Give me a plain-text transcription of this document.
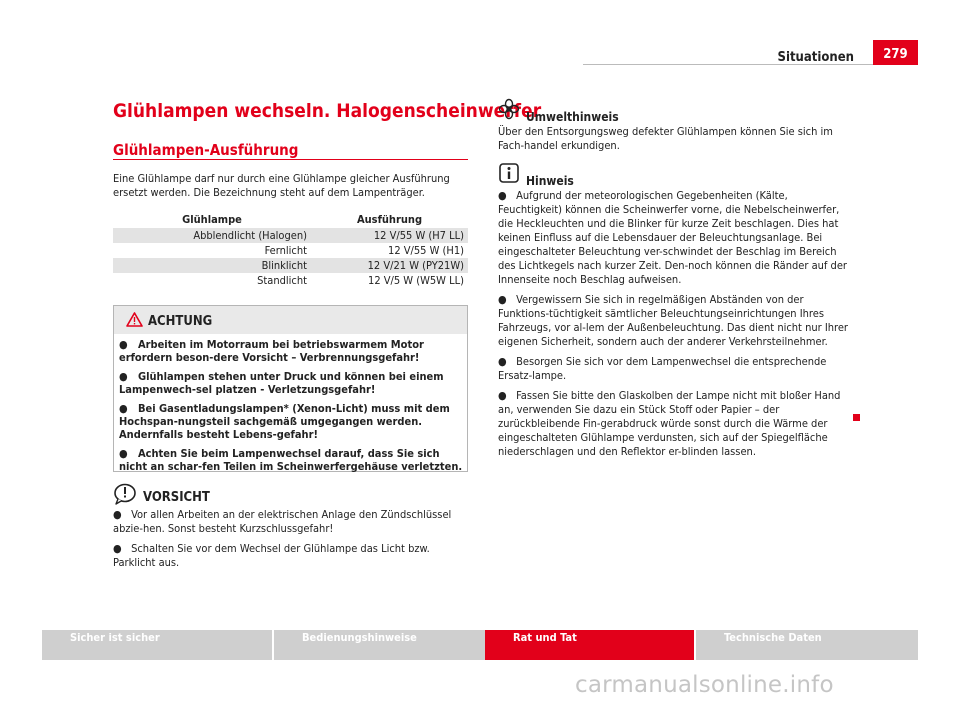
Situationen	279
Glühlampen wechseln. Halogenscheinwerfer
Glühlampen-Ausführung
Eine Glühlampe darf nur durch eine Glühlampe gleicher Ausführung ersetzt werden. Die Bezeichnung steht auf dem Lampenträger.
Glühlampe	Ausführung
Abblendlicht (Halogen)	12 V/55 W (H7 LL)
Fernlicht	12 V/55 W (H1)
Blinklicht	12 V/21 W (PY21W)
Standlicht	12 V/5 W (W5W LL)
ACHTUNG
●   Arbeiten im Motorraum bei betriebswarmem Motor erfordern beson-dere Vorsicht – Verbrennungsgefahr!
●   Glühlampen stehen unter Druck und können bei einem Lampenwech-sel platzen - Verletzungsgefahr!
●   Bei Gasentladungslampen* (Xenon-Licht) muss mit dem Hochspan-nungsteil sachgemäß umgegangen werden. Andernfalls besteht Lebens-gefahr!
●   Achten Sie beim Lampenwechsel darauf, dass Sie sich nicht an schar-fen Teilen im Scheinwerfergehäuse verletzten.
VORSICHT
●   Vor allen Arbeiten an der elektrischen Anlage den Zündschlüssel abzie-hen. Sonst besteht Kurzschlussgefahr!
●   Schalten Sie vor dem Wechsel der Glühlampe das Licht bzw. Parklicht aus.
Umwelthinweis
Über den Entsorgungsweg defekter Glühlampen können Sie sich im Fach-handel erkundigen.
Hinweis
●   Aufgrund der meteorologischen Gegebenheiten (Kälte, Feuchtigkeit) können die Scheinwerfer vorne, die Nebelscheinwerfer, die Heckleuchten und die Blinker für kurze Zeit beschlagen. Dies hat keinen Einfluss auf die Lebensdauer der Beleuchtungsanlage. Bei eingeschalteter Beleuchtung ver-schwindet der Beschlag im Bereich des Lichtkegels nach kurzer Zeit. Den-noch können die Ränder auf der Innenseite noch Beschlag aufweisen.
●   Vergewissern Sie sich in regelmäßigen Abständen von der Funktions-tüchtigkeit sämtlicher Beleuchtungseinrichtungen Ihres Fahrzeugs, vor al-lem der Außenbeleuchtung. Das dient nicht nur Ihrer eigenen Sicherheit, sondern auch der anderer Verkehrsteilnehmer.
●   Besorgen Sie sich vor dem Lampenwechsel die entsprechende Ersatz-lampe.
●   Fassen Sie bitte den Glaskolben der Lampe nicht mit bloßer Hand an, verwenden Sie dazu ein Stück Stoff oder Papier – der zurückbleibende Fin-gerabdruck würde sonst durch die Wärme der eingeschalteten Glühlampe verdunsten, sich auf der Spiegelfläche niederschlagen und den Reflektor er-blinden lassen.
Sicher ist sicher	Bedienungshinweise	Rat und Tat	Technische Daten
carmanualsonline.info
